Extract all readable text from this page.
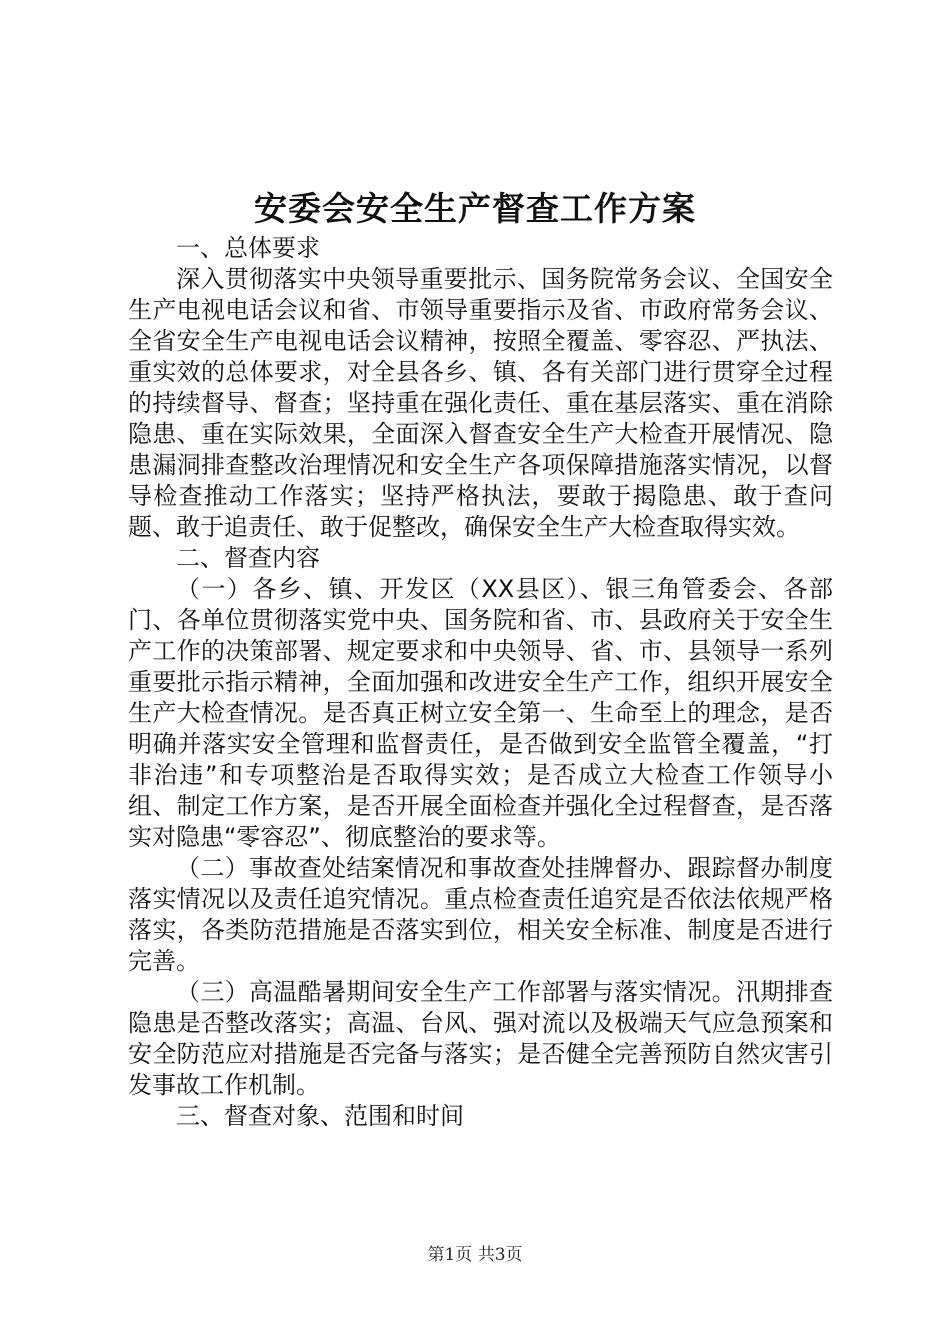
安委会安全生产督查工作方案

一、总体要求

深入贯彻落实中央领导重要批示、国务院常务会议、全国安全生产电视电话会议和省、市领导重要指示及省、市政府常务会议、全省安全生产电视电话会议精神，按照全覆盖、零容忍、严执法、重实效的总体要求，对全县各乡、镇、各有关部门进行贯穿全过程的持续督导、督查；坚持重在强化责任、重在基层落实、重在消除隐患、重在实际效果，全面深入督查安全生产大检查开展情况、隐患漏洞排查整改治理情况和安全生产各项保障措施落实情况，以督导检查推动工作落实；坚持严格执法，要敢于揭隐患、敢于查问题、敢于追责任、敢于促整改，确保安全生产大检查取得实效。

二、督查内容

（一）各乡、镇、开发区（XX县区）、银三角管委会、各部门、各单位贯彻落实党中央、国务院和省、市、县政府关于安全生产工作的决策部署、规定要求和中央领导、省、市、县领导一系列重要批示指示精神，全面加强和改进安全生产工作，组织开展安全生产大检查情况。是否真正树立安全第一、生命至上的理念，是否明确并落实安全管理和监督责任，是否做到安全监管全覆盖，“打非治违”和专项整治是否取得实效；是否成立大检查工作领导小组、制定工作方案，是否开展全面检查并强化全过程督查，是否落实对隐患“零容忍”、彻底整治的要求等。

（二）事故查处结案情况和事故查处挂牌督办、跟踪督办制度落实情况以及责任追究情况。重点检查责任追究是否依法依规严格落实，各类防范措施是否落实到位，相关安全标准、制度是否进行完善。

（三）高温酷暑期间安全生产工作部署与落实情况。汛期排查隐患是否整改落实；高温、台风、强对流以及极端天气应急预案和安全防范应对措施是否完备与落实；是否健全完善预防自然灾害引发事故工作机制。

三、督查对象、范围和时间

第1页 共3页
